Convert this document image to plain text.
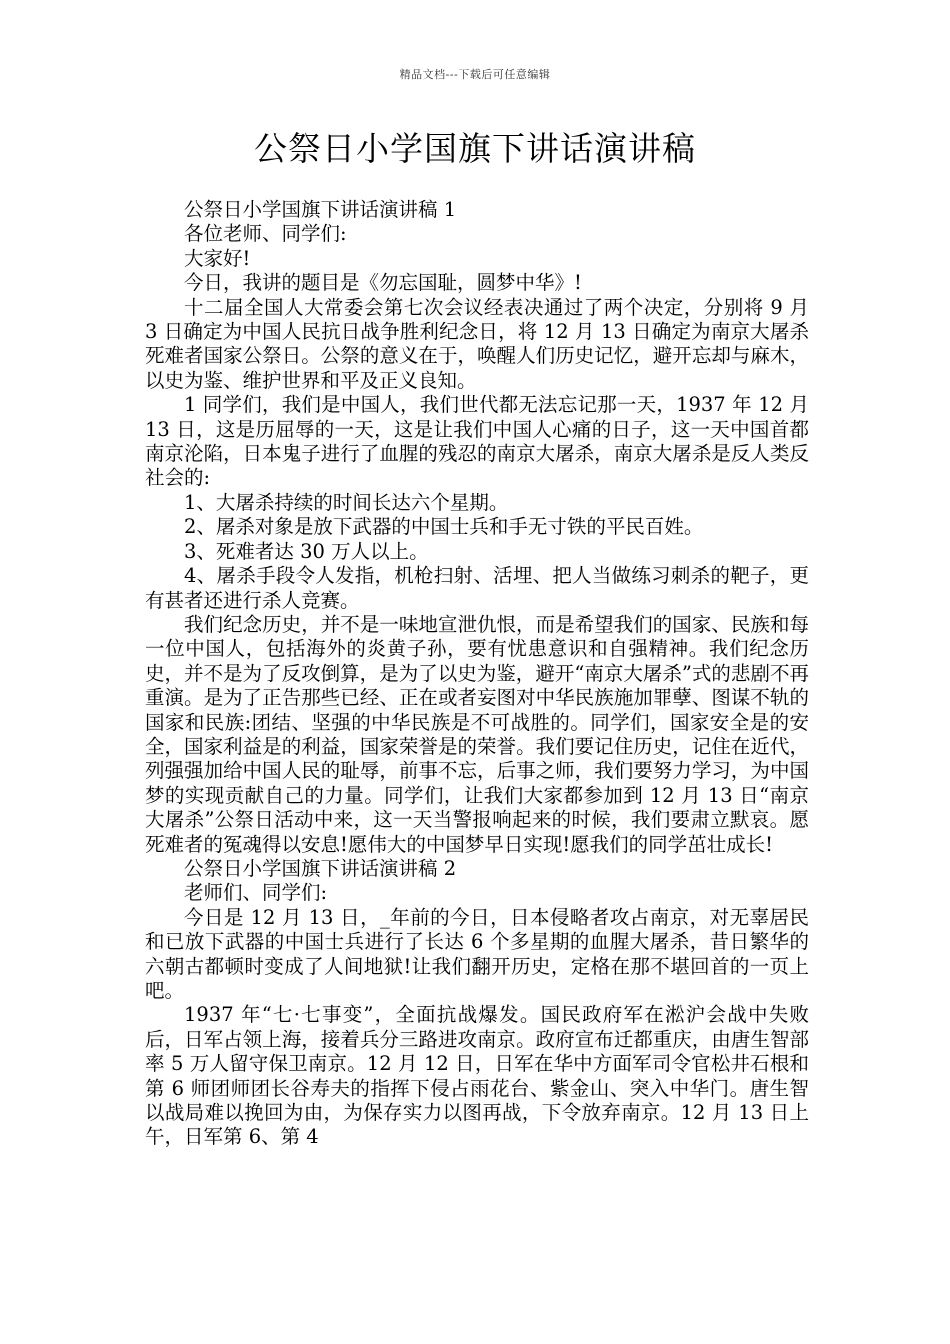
精品文档---下载后可任意编辑
公祭日小学国旗下讲话演讲稿

公祭日小学国旗下讲话演讲稿 1

各位老师、同学们:

大家好!

今日，我讲的题目是《勿忘国耻，圆梦中华》!

十二届全国人大常委会第七次会议经表决通过了两个决定，分别将 9 月 3 日确定为中国人民抗日战争胜利纪念日，将 12 月 13 日确定为南京大屠杀死难者国家公祭日。公祭的意义在于，唤醒人们历史记忆，避开忘却与麻木，以史为鉴、维护世界和平及正义良知。

1 同学们，我们是中国人，我们世代都无法忘记那一天，1937 年 12 月 13 日，这是历屈辱的一天，这是让我们中国人心痛的日子，这一天中国首都南京沦陷，日本鬼子进行了血腥的残忍的南京大屠杀，南京大屠杀是反人类反社会的:

1、大屠杀持续的时间长达六个星期。

2、屠杀对象是放下武器的中国士兵和手无寸铁的平民百姓。

3、死难者达 30 万人以上。

4、屠杀手段令人发指，机枪扫射、活埋、把人当做练习刺杀的靶子，更有甚者还进行杀人竞赛。

我们纪念历史，并不是一味地宣泄仇恨，而是希望我们的国家、民族和每一位中国人，包括海外的炎黄子孙，要有忧患意识和自强精神。我们纪念历史，并不是为了反攻倒算，是为了以史为鉴，避开“南京大屠杀”式的悲剧不再重演。是为了正告那些已经、正在或者妄图对中华民族施加罪孽、图谋不轨的国家和民族:团结、坚强的中华民族是不可战胜的。同学们，国家安全是的安全，国家利益是的利益，国家荣誉是的荣誉。我们要记住历史，记住在近代，列强强加给中国人民的耻辱，前事不忘，后事之师，我们要努力学习，为中国梦的实现贡献自己的力量。同学们，让我们大家都参加到 12 月 13 日“南京大屠杀”公祭日活动中来，这一天当警报响起来的时候，我们要肃立默哀。愿死难者的冤魂得以安息!愿伟大的中国梦早日实现!愿我们的同学茁壮成长!

公祭日小学国旗下讲话演讲稿 2

老师们、同学们:

今日是 12 月 13 日，_年前的今日，日本侵略者攻占南京，对无辜居民和已放下武器的中国士兵进行了长达 6 个多星期的血腥大屠杀，昔日繁华的六朝古都顿时变成了人间地狱!让我们翻开历史，定格在那不堪回首的一页上吧。

1937 年“七·七事变”，全面抗战爆发。国民政府军在淞沪会战中失败后，日军占领上海，接着兵分三路进攻南京。政府宣布迁都重庆，由唐生智部率 5 万人留守保卫南京。12 月 12 日，日军在华中方面军司令官松井石根和第 6 师团师团长谷寿夫的指挥下侵占雨花台、紫金山、突入中华门。唐生智以战局难以挽回为由，为保存实力以图再战，下令放弃南京。12 月 13 日上午，日军第 6、第 4
